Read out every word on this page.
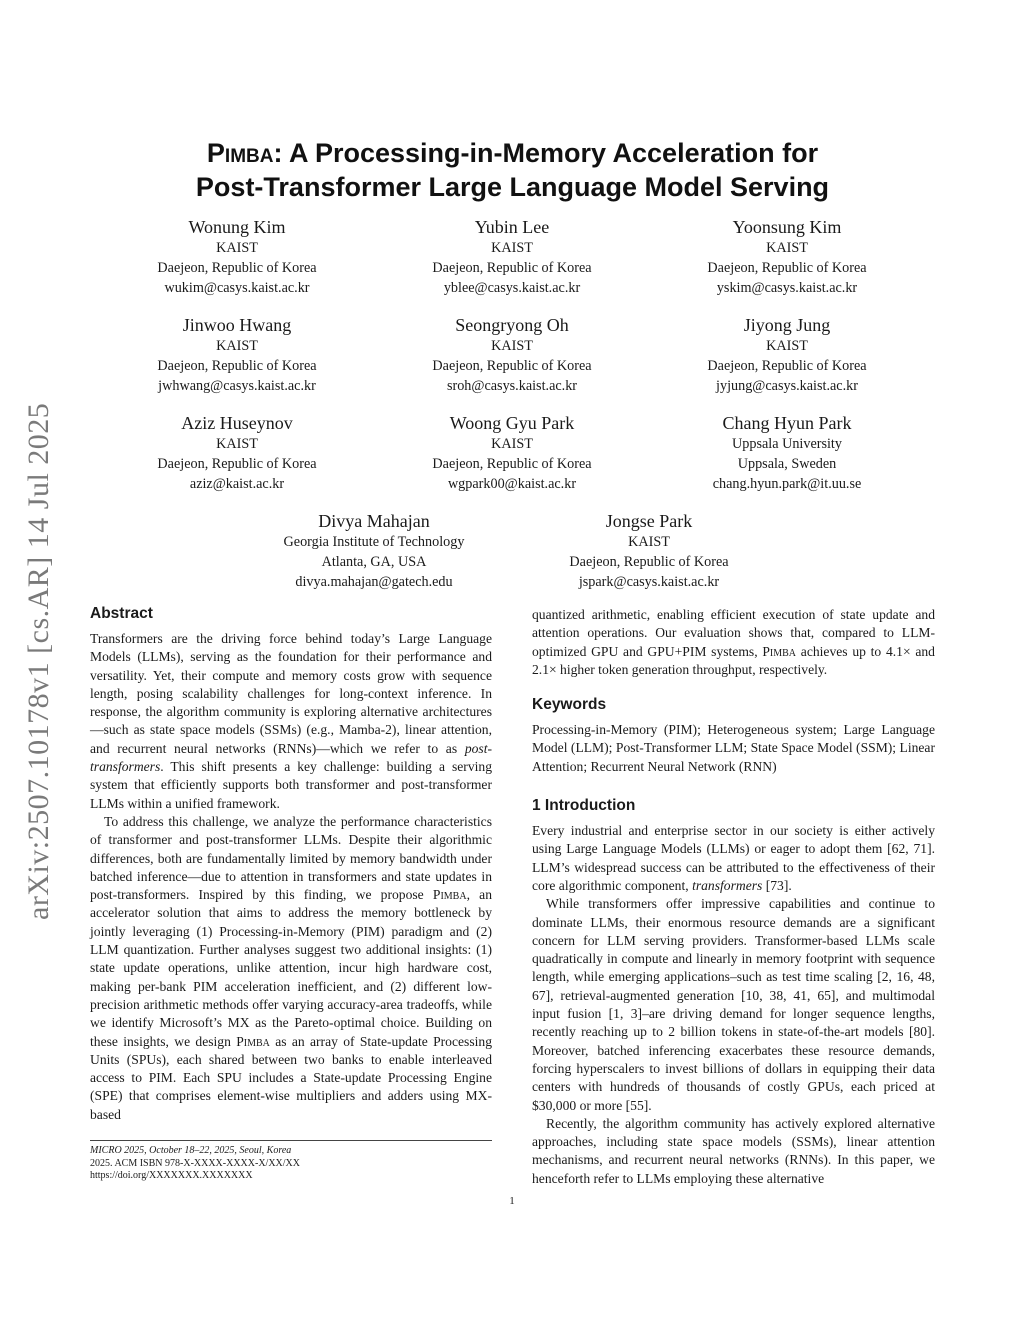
arXiv:2507.10178v1 [cs.AR] 14 Jul 2025
Pimba: A Processing-in-Memory Acceleration for
Post-Transformer Large Language Model Serving
Wonung Kim
KAIST
Daejeon, Republic of Korea
wukim@casys.kaist.ac.kr
Yubin Lee
KAIST
Daejeon, Republic of Korea
yblee@casys.kaist.ac.kr
Yoonsung Kim
KAIST
Daejeon, Republic of Korea
yskim@casys.kaist.ac.kr
Jinwoo Hwang
KAIST
Daejeon, Republic of Korea
jwhwang@casys.kaist.ac.kr
Seongryong Oh
KAIST
Daejeon, Republic of Korea
sroh@casys.kaist.ac.kr
Jiyong Jung
KAIST
Daejeon, Republic of Korea
jyjung@casys.kaist.ac.kr
Aziz Huseynov
KAIST
Daejeon, Republic of Korea
aziz@kaist.ac.kr
Woong Gyu Park
KAIST
Daejeon, Republic of Korea
wgpark00@kaist.ac.kr
Chang Hyun Park
Uppsala University
Uppsala, Sweden
chang.hyun.park@it.uu.se
Divya Mahajan
Georgia Institute of Technology
Atlanta, GA, USA
divya.mahajan@gatech.edu
Jongse Park
KAIST
Daejeon, Republic of Korea
jspark@casys.kaist.ac.kr
Abstract

Transformers are the driving force behind today’s Large Language Models (LLMs), serving as the foundation for their performance and versatility. Yet, their compute and memory costs grow with sequence length, posing scalability challenges for long-context inference. In response, the algorithm community is exploring alternative architectures—such as state space models (SSMs) (e.g., Mamba-2), linear attention, and recurrent neural networks (RNNs)—which we refer to as post-transformers. This shift presents a key challenge: building a serving system that efficiently supports both transformer and post-transformer LLMs within a unified framework.

To address this challenge, we analyze the performance characteristics of transformer and post-transformer LLMs. Despite their algorithmic differences, both are fundamentally limited by memory bandwidth under batched inference—due to attention in transformers and state updates in post-transformers. Inspired by this finding, we propose Pimba, an accelerator solution that aims to address the memory bottleneck by jointly leveraging (1) Processing-in-Memory (PIM) paradigm and (2) LLM quantization. Further analyses suggest two additional insights: (1) state update operations, unlike attention, incur high hardware cost, making per-bank PIM acceleration inefficient, and (2) different low-precision arithmetic methods offer varying accuracy-area tradeoffs, while we identify Microsoft’s MX as the Pareto-optimal choice. Building on these insights, we design Pimba as an array of State-update Processing Units (SPUs), each shared between two banks to enable interleaved access to PIM. Each SPU includes a State-update Processing Engine (SPE) that comprises element-wise multipliers and adders using MX-based

MICRO 2025, October 18–22, 2025, Seoul, Korea
2025. ACM ISBN 978-X-XXXX-XXXX-X/XX/XX
https://doi.org/XXXXXXX.XXXXXXX

quantized arithmetic, enabling efficient execution of state update and attention operations. Our evaluation shows that, compared to LLM-optimized GPU and GPU+PIM systems, Pimba achieves up to 4.1× and 2.1× higher token generation throughput, respectively.

Keywords

Processing-in-Memory (PIM); Heterogeneous system; Large Language Model (LLM); Post-Transformer LLM; State Space Model (SSM); Linear Attention; Recurrent Neural Network (RNN)

1 Introduction

Every industrial and enterprise sector in our society is either actively using Large Language Models (LLMs) or eager to adopt them [62, 71]. LLM’s widespread success can be attributed to the effectiveness of their core algorithmic component, transformers [73].

While transformers offer impressive capabilities and continue to dominate LLMs, their enormous resource demands are a significant concern for LLM serving providers. Transformer-based LLMs scale quadratically in compute and linearly in memory footprint with sequence length, while emerging applications–such as test time scaling [2, 16, 48, 67], retrieval-augmented generation [10, 38, 41, 65], and multimodal input fusion [1, 3]–are driving demand for longer sequence lengths, recently reaching up to 2 billion tokens in state-of-the-art models [80]. Moreover, batched inferencing exacerbates these resource demands, forcing hyperscalers to invest billions of dollars in equipping their data centers with hundreds of thousands of costly GPUs, each priced at $30,000 or more [55].

Recently, the algorithm community has actively explored alternative approaches, including state space models (SSMs), linear attention mechanisms, and recurrent neural networks (RNNs). In this paper, we henceforth refer to LLMs employing these alternative

1
